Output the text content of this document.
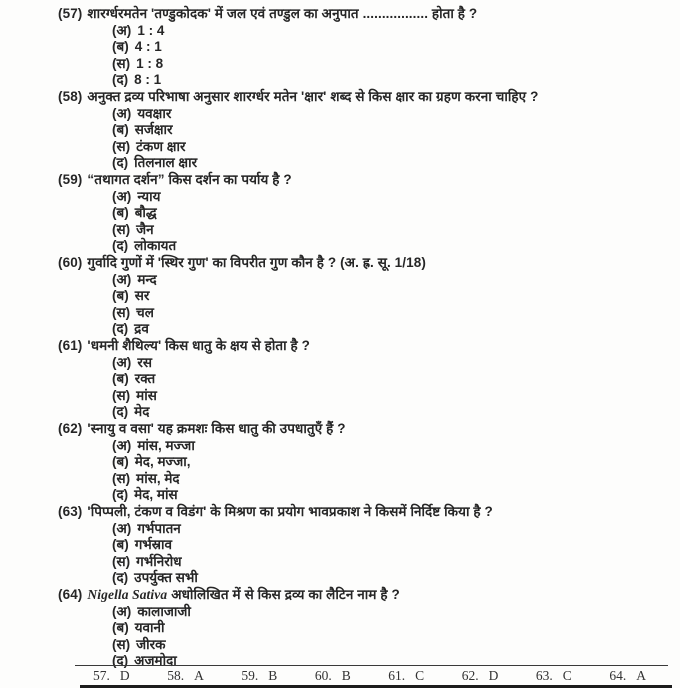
(57) शारर्ग्धरमतेन 'तण्डुकोदक' में जल एवं तण्डुल का अनुपात ................. होता है ?
(अ) 1 : 4
(ब) 4 : 1
(स) 1 : 8
(द) 8 : 1
(58) अनुक्त द्रव्य परिभाषा अनुसार शारर्ग्धर मतेन 'क्षार' शब्द से किस क्षार का ग्रहण करना चाहिए ?
(अ) यवक्षार
(ब) सर्जक्षार
(स) टंकण क्षार
(द) तिलनाल क्षार
(59) “तथागत दर्शन” किस दर्शन का पर्याय है ?
(अ) न्याय
(ब) बौद्ध
(स) जैन
(द) लोकायत
(60) गुर्वादि गुणों में 'स्थिर गुण' का विपरीत गुण कौन है ? (अ. ह्र. सू. 1/18)
(अ) मन्द
(ब) सर
(स) चल
(द) द्रव
(61) 'धमनी शैथिल्य' किस धातु के क्षय से होता है ?
(अ) रस
(ब) रक्त
(स) मांस
(द) मेद
(62) 'स्नायु व वसा' यह क्रमशः किस धातु की उपधातुएँ हैं ?
(अ) मांस, मज्जा
(ब) मेद, मज्जा,
(स) मांस, मेद
(द) मेद, मांस
(63) 'पिप्पली, टंकण व विडंग' के मिश्रण का प्रयोग भावप्रकाश ने किसमें निर्दिष्ट किया है ?
(अ) गर्भपातन
(ब) गर्भस्राव
(स) गर्भनिरोध
(द) उपर्युक्त सभी
(64) Nigella Sativa अधोलिखित में से किस द्रव्य का लैटिन नाम है ?
(अ) कालाजाजी
(ब) यवानी
(स) जीरक
(द) अजमोदा
57. D	58. A	59. B	60. B	61. C	62. D	63. C	64. A
